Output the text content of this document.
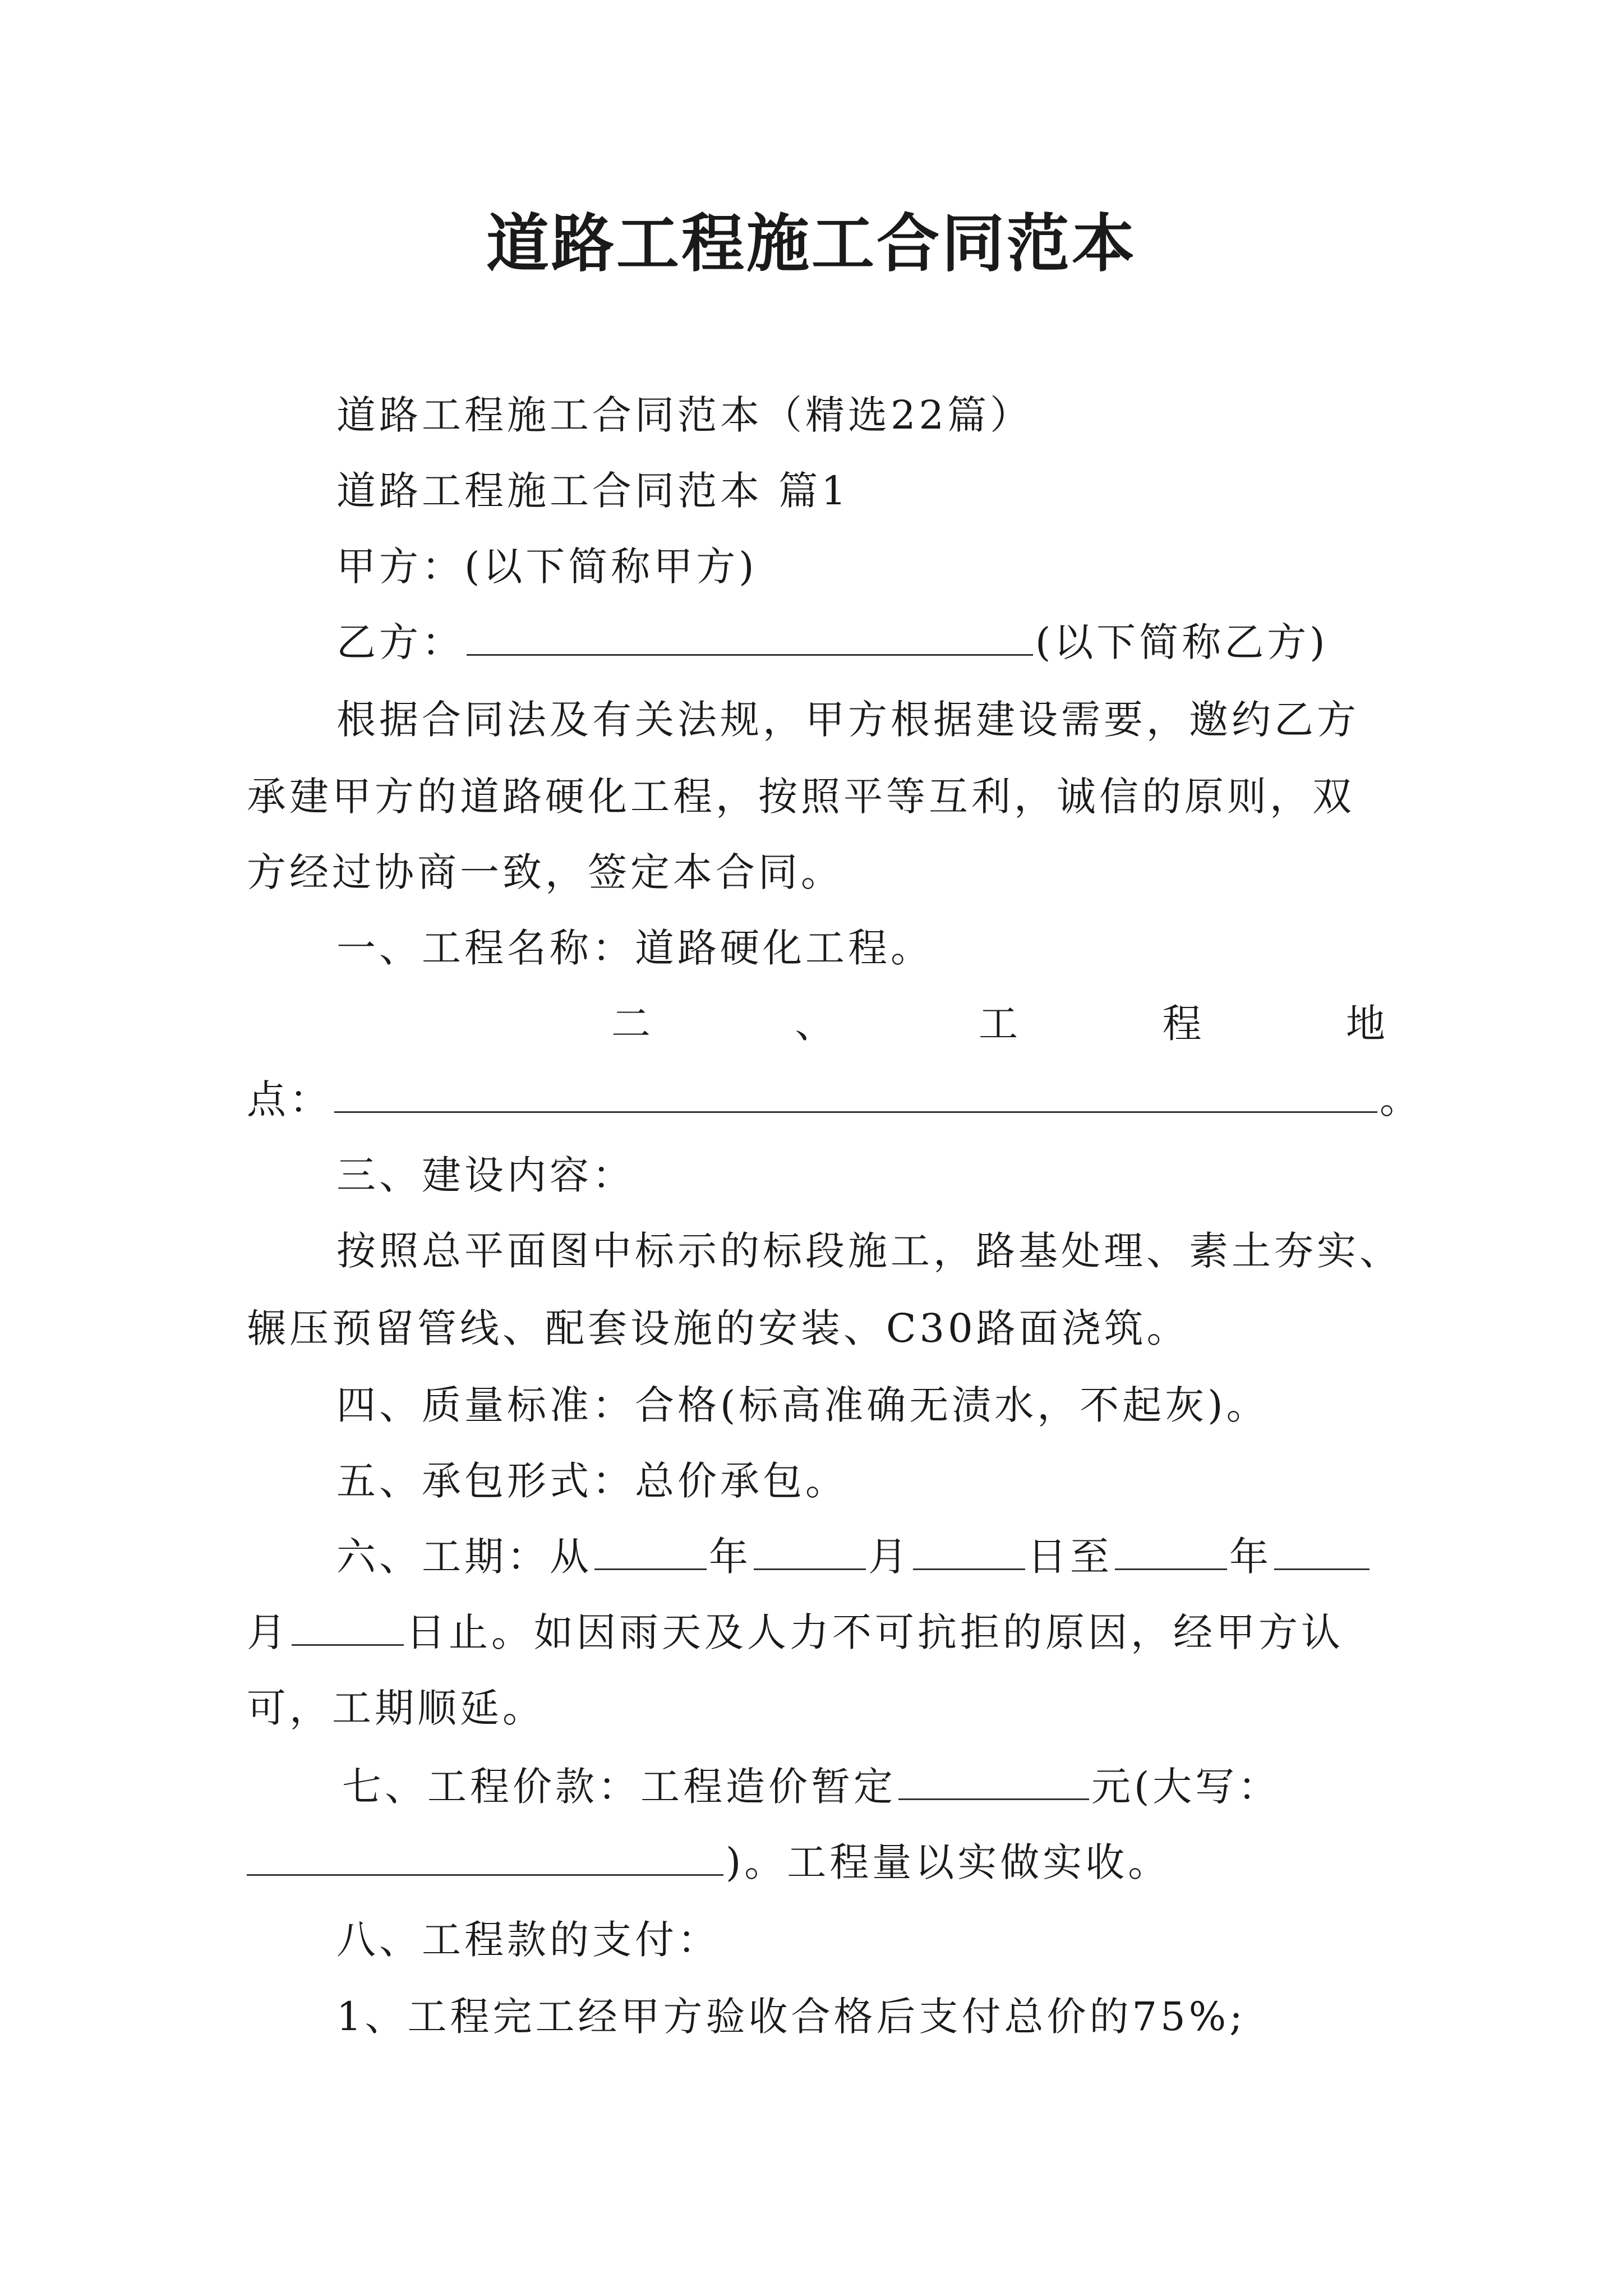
道路工程施工合同范本
道路工程施工合同范本（精选22篇）
道路工程施工合同范本 篇1
甲方：(以下简称甲方)
乙方：	(以下简称乙方)
根据合同法及有关法规，甲方根据建设需要，邀约乙方
承建甲方的道路硬化工程，按照平等互利，诚信的原则，双
方经过协商一致，签定本合同。
一、工程名称：道路硬化工程。
二	、	工	程	地
点：	。
三、建设内容：
按照总平面图中标示的标段施工，路基处理、素土夯实、
辗压预留管线、配套设施的安装、C30路面浇筑。
四、质量标准：合格(标高准确无渍水，不起灰)。
五、承包形式：总价承包。
六、工期：从	年	月	日至	年
月	日止。如因雨天及人力不可抗拒的原因，经甲方认
可，工期顺延。
七、工程价款：工程造价暂定	元(大写：
)。工程量以实做实收。
八、工程款的支付：
1、工程完工经甲方验收合格后支付总价的75%;
